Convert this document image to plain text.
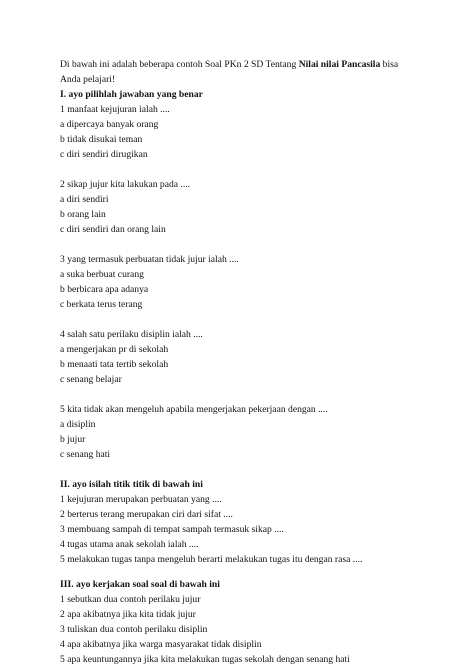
Di bawah ini adalah beberapa contoh Soal PKn 2 SD Tentang Nilai nilai Pancasila bisa

Anda pelajari!

I. ayo pilihlah jawaban yang benar

1 manfaat kejujuran ialah ....

a dipercaya banyak orang

b tidak disukai teman

c diri sendiri dirugikan

2 sikap jujur kita lakukan pada ....

a diri sendiri

b orang lain

c diri sendiri dan orang lain

3 yang termasuk perbuatan tidak jujur ialah ....

a suka berbuat curang

b berbicara apa adanya

c berkata terus terang

4 salah satu perilaku disiplin ialah ....

a mengerjakan pr di sekolah

b menaati tata tertib sekolah

c senang belajar

5 kita tidak akan mengeluh apabila mengerjakan pekerjaan dengan ....

a disiplin

b jujur

c senang hati

II. ayo isilah titik titik di bawah ini

1 kejujuran merupakan perbuatan yang ....

2 berterus terang merupakan ciri dari sifat ....

3 membuang sampah di tempat sampah termasuk sikap ....

4 tugas utama anak sekolah ialah ....

5 melakukan tugas tanpa mengeluh berarti melakukan tugas itu dengan rasa ....

III. ayo kerjakan soal soal di bawah ini

1 sebutkan dua contoh perilaku jujur

2 apa akibatnya jika kita tidak jujur

3 tuliskan dua contoh perilaku disiplin

4 apa akibatnya jika warga masyarakat tidak disiplin

5 apa keuntungannya jika kita melakukan tugas sekolah dengan senang hati
